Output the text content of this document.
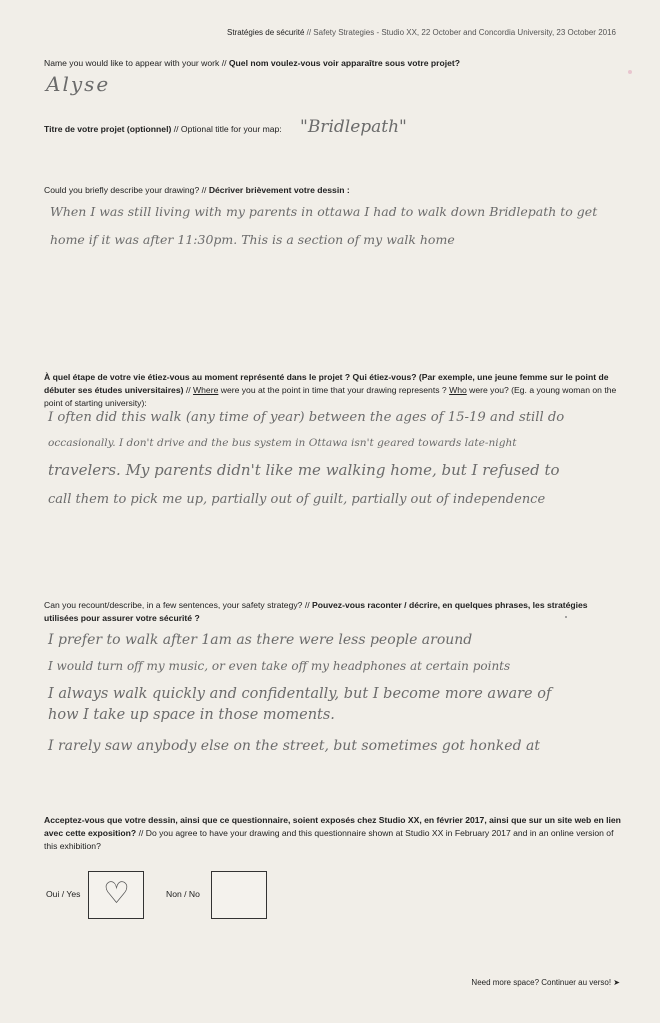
Stratégies de sécurité // Safety Strategies - Studio XX, 22 October and Concordia University, 23 October 2016
Name you would like to appear with your work // Quel nom voulez-vous voir apparaître sous votre projet?
Alyse
Titre de votre projet (optionnel) // Optional title for your map:	"Bridlepath"
Could you briefly describe your drawing? // Décriver brièvement votre dessin :
When I was still living with my parents in ottawa I had to walk down Bridlepath to get
home if it was after 11:30pm. This is a section of my walk home
À quel étape de votre vie étiez-vous au moment représenté dans le projet ? Qui étiez-vous? (Par exemple, une jeune femme sur le point de débuter ses études universitaires) // Where were you at the point in time that your drawing represents ? Who were you? (Eg. a young woman on the point of starting university):
I often did this walk (any time of year) between the ages of 15-19 and still do
occasionally. I don't drive and the bus system in Ottawa isn't geared towards late-night
travelers. My parents didn't like me walking home, but I refused to
call them to pick me up, partially out of guilt, partially out of independence
Can you recount/describe, in a few sentences, your safety strategy? // Pouvez-vous raconter / décrire, en quelques phrases, les stratégies utilisées pour assurer votre sécurité ?
I prefer to walk after 1am as there were less people around
I would turn off my music, or even take off my headphones at certain points
I always walk quickly and confidentally, but I become more aware of
how I take up space in those moments.
I rarely saw anybody else on the street, but sometimes got honked at
Acceptez-vous que votre dessin, ainsi que ce questionnaire, soient exposés chez Studio XX, en février 2017, ainsi que sur un site web en lien avec cette exposition? // Do you agree to have your drawing and this questionnaire shown at Studio XX in February 2017 and in an online version of this exhibition?
Oui / Yes ♡	Non / No
Need more space? Continuer au verso! ➤
